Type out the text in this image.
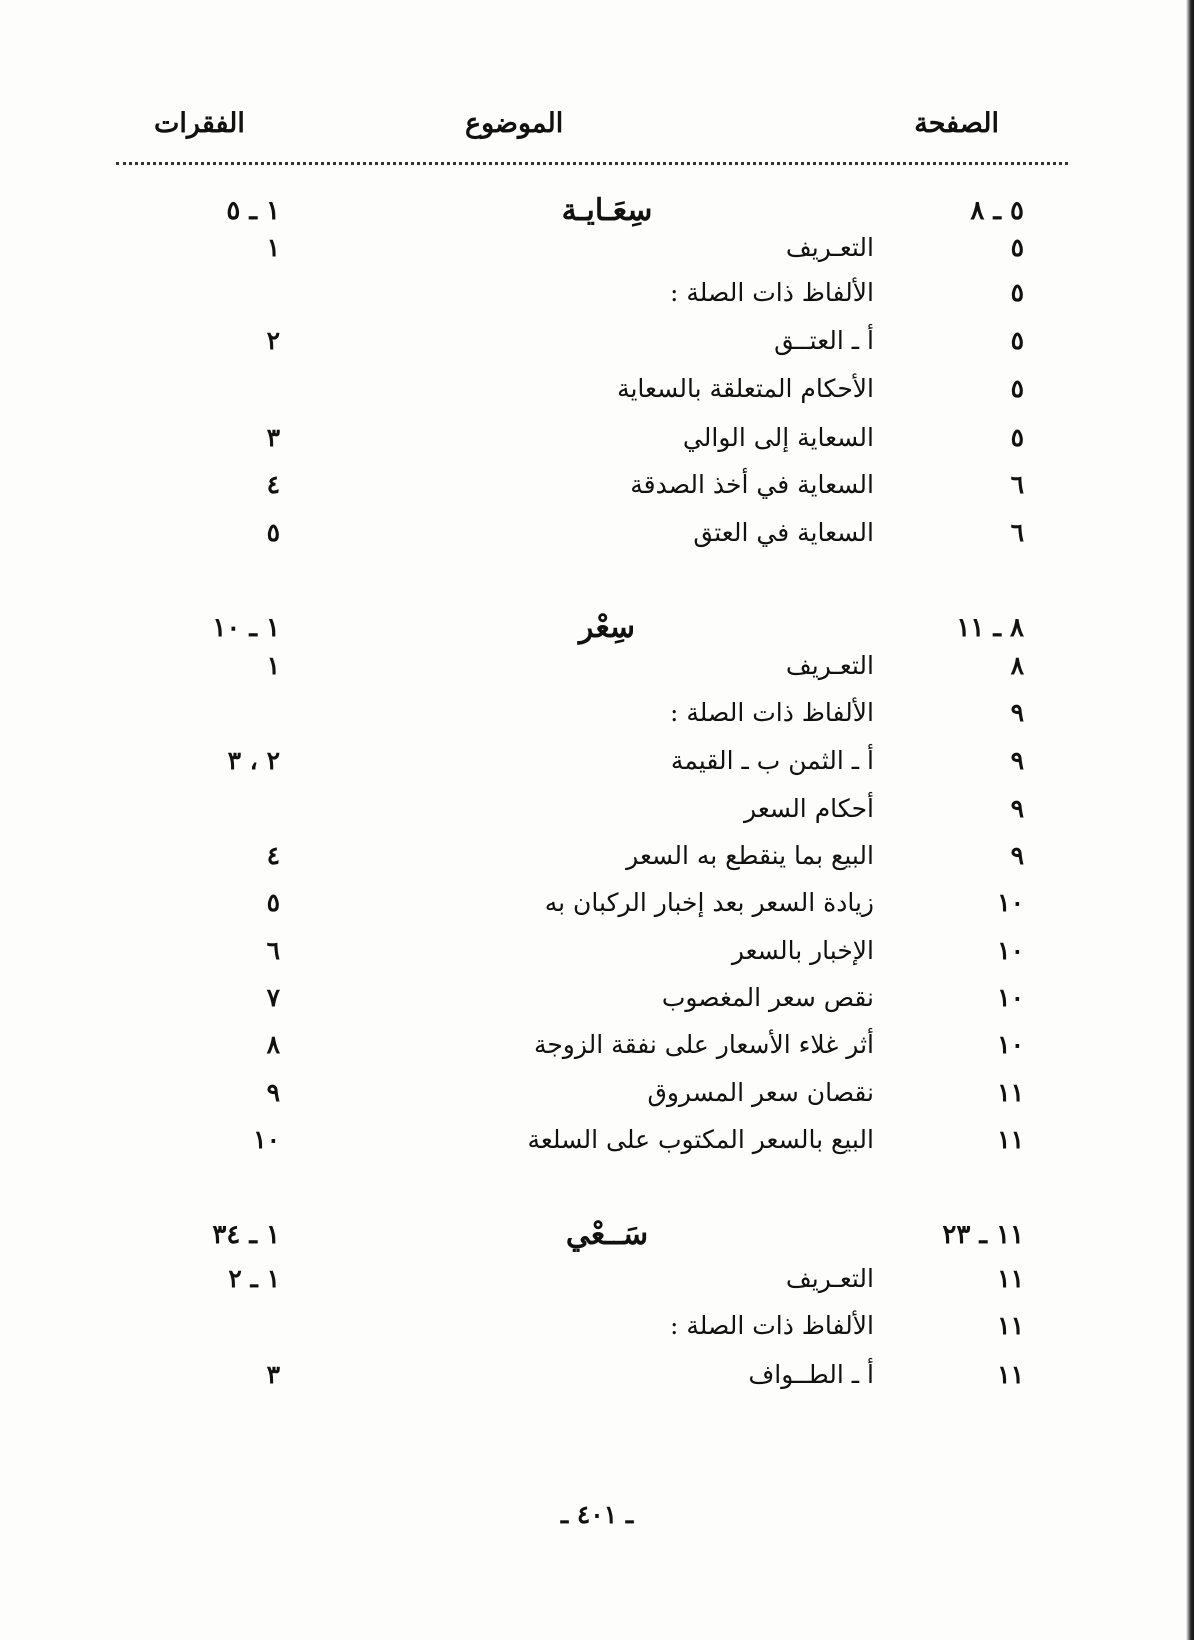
الصفحة
الموضوع
الفقرات
٥ ـ ٨
سِعَـايـة
١ ـ ٥
٥
التعـريف
١
٥
الألفاظ ذات الصلة :
٥
أ ـ العتــق
٢
٥
الأحكام المتعلقة بالسعاية
٥
السعاية إلى الوالي
٣
٦
السعاية في أخذ الصدقة
٤
٦
السعاية في العتق
٥
٨ ـ ١١
سِعْر
١ ـ ١٠
٨
التعـريف
١
٩
الألفاظ ذات الصلة :
٩
أ ـ الثمن ب ـ القيمة
٢ ، ٣
٩
أحكام السعر
٩
البيع بما ينقطع به السعر
٤
١٠
زيادة السعر بعد إخبار الركبان به
٥
١٠
الإخبار بالسعر
٦
١٠
نقص سعر المغصوب
٧
١٠
أثر غلاء الأسعار على نفقة الزوجة
٨
١١
نقصان سعر المسروق
٩
١١
البيع بالسعر المكتوب على السلعة
١٠
١١ ـ ٢٣
سَــعْي
١ ـ ٣٤
١١
التعـريف
١ ـ ٢
١١
الألفاظ ذات الصلة :
١١
أ ـ الطــواف
٣
ـ ٤٠١ ـ
